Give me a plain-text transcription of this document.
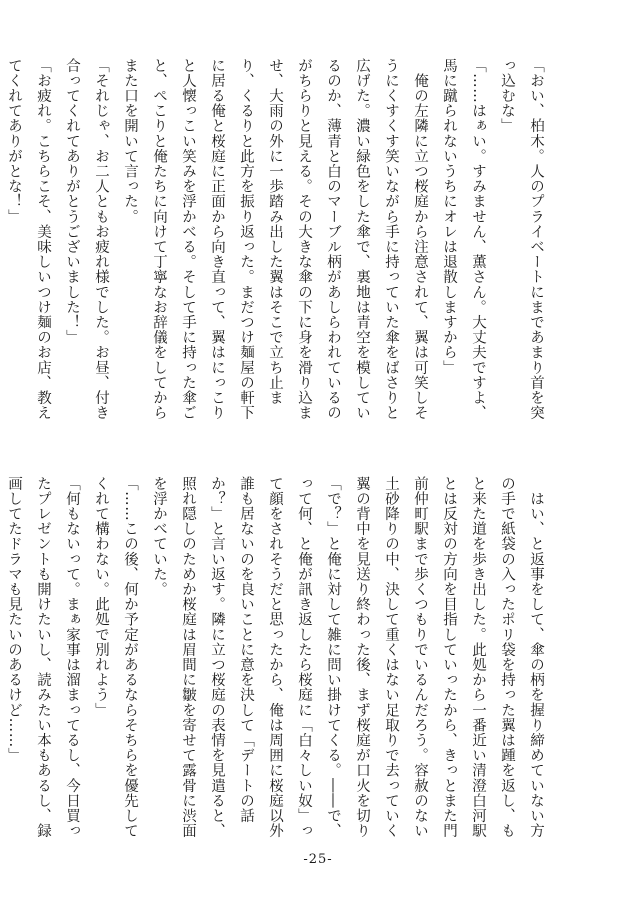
「おい、柏木。人のプライベートにまであまり首を突っ込むな」
「……はぁい。すみません、薫さん。大丈夫ですよ、馬に蹴られないうちにオレは退散しますから」
　俺の左隣に立つ桜庭から注意されて、翼は可笑しそうにくすくす笑いながら手に持っていた傘をばさりと広げた。濃い緑色をした傘で、裏地は青空を模しているのか、薄青と白のマーブル柄があしらわれているのがちらりと見える。その大きな傘の下に身を滑り込ませ、大雨の外に一歩踏み出した翼はそこで立ち止まり、くるりと此方を振り返った。まだつけ麺屋の軒下に居る俺と桜庭に正面から向き直って、翼はにっこりと人懐っこい笑みを浮かべる。そして手に持った傘ごと、ぺこりと俺たちに向けて丁寧なお辞儀をしてからまた口を開いて言った。
「それじゃ、お二人ともお疲れ様でした。お昼、付き合ってくれてありがとうございました！」
「お疲れ。こちらこそ、美味しいつけ麺のお店、教えてくれてありがとな！」

　はい、と返事をして、傘の柄を握り締めていない方の手で紙袋の入ったポリ袋を持った翼は踵を返し、もと来た道を歩き出した。此処から一番近い清澄白河駅とは反対の方向を目指していったから、きっとまた門前仲町駅まで歩くつもりでいるんだろう。容赦のない土砂降りの中、決して重くはない足取りで去っていく翼の背中を見送り終わった後、まず桜庭が口火を切り「で？」と俺に対して雑に問い掛けてくる。――で、って何、と俺が訊き返したら桜庭に「白々しい奴」って顔をされそうだと思ったから、俺は周囲に桜庭以外誰も居ないのを良いことに意を決して「デートの話か？」と言い返す。隣に立つ桜庭の表情を見遣ると、照れ隠しのためか桜庭は眉間に皺を寄せて露骨に渋面を浮かべていた。
「……この後、何か予定があるならそちらを優先してくれて構わない。此処で別れよう」
「何もないって。まぁ家事は溜まってるし、今日買ったプレゼントも開けたいし、読みたい本もあるし、録画してたドラマも見たいのあるけど……」

-25-
